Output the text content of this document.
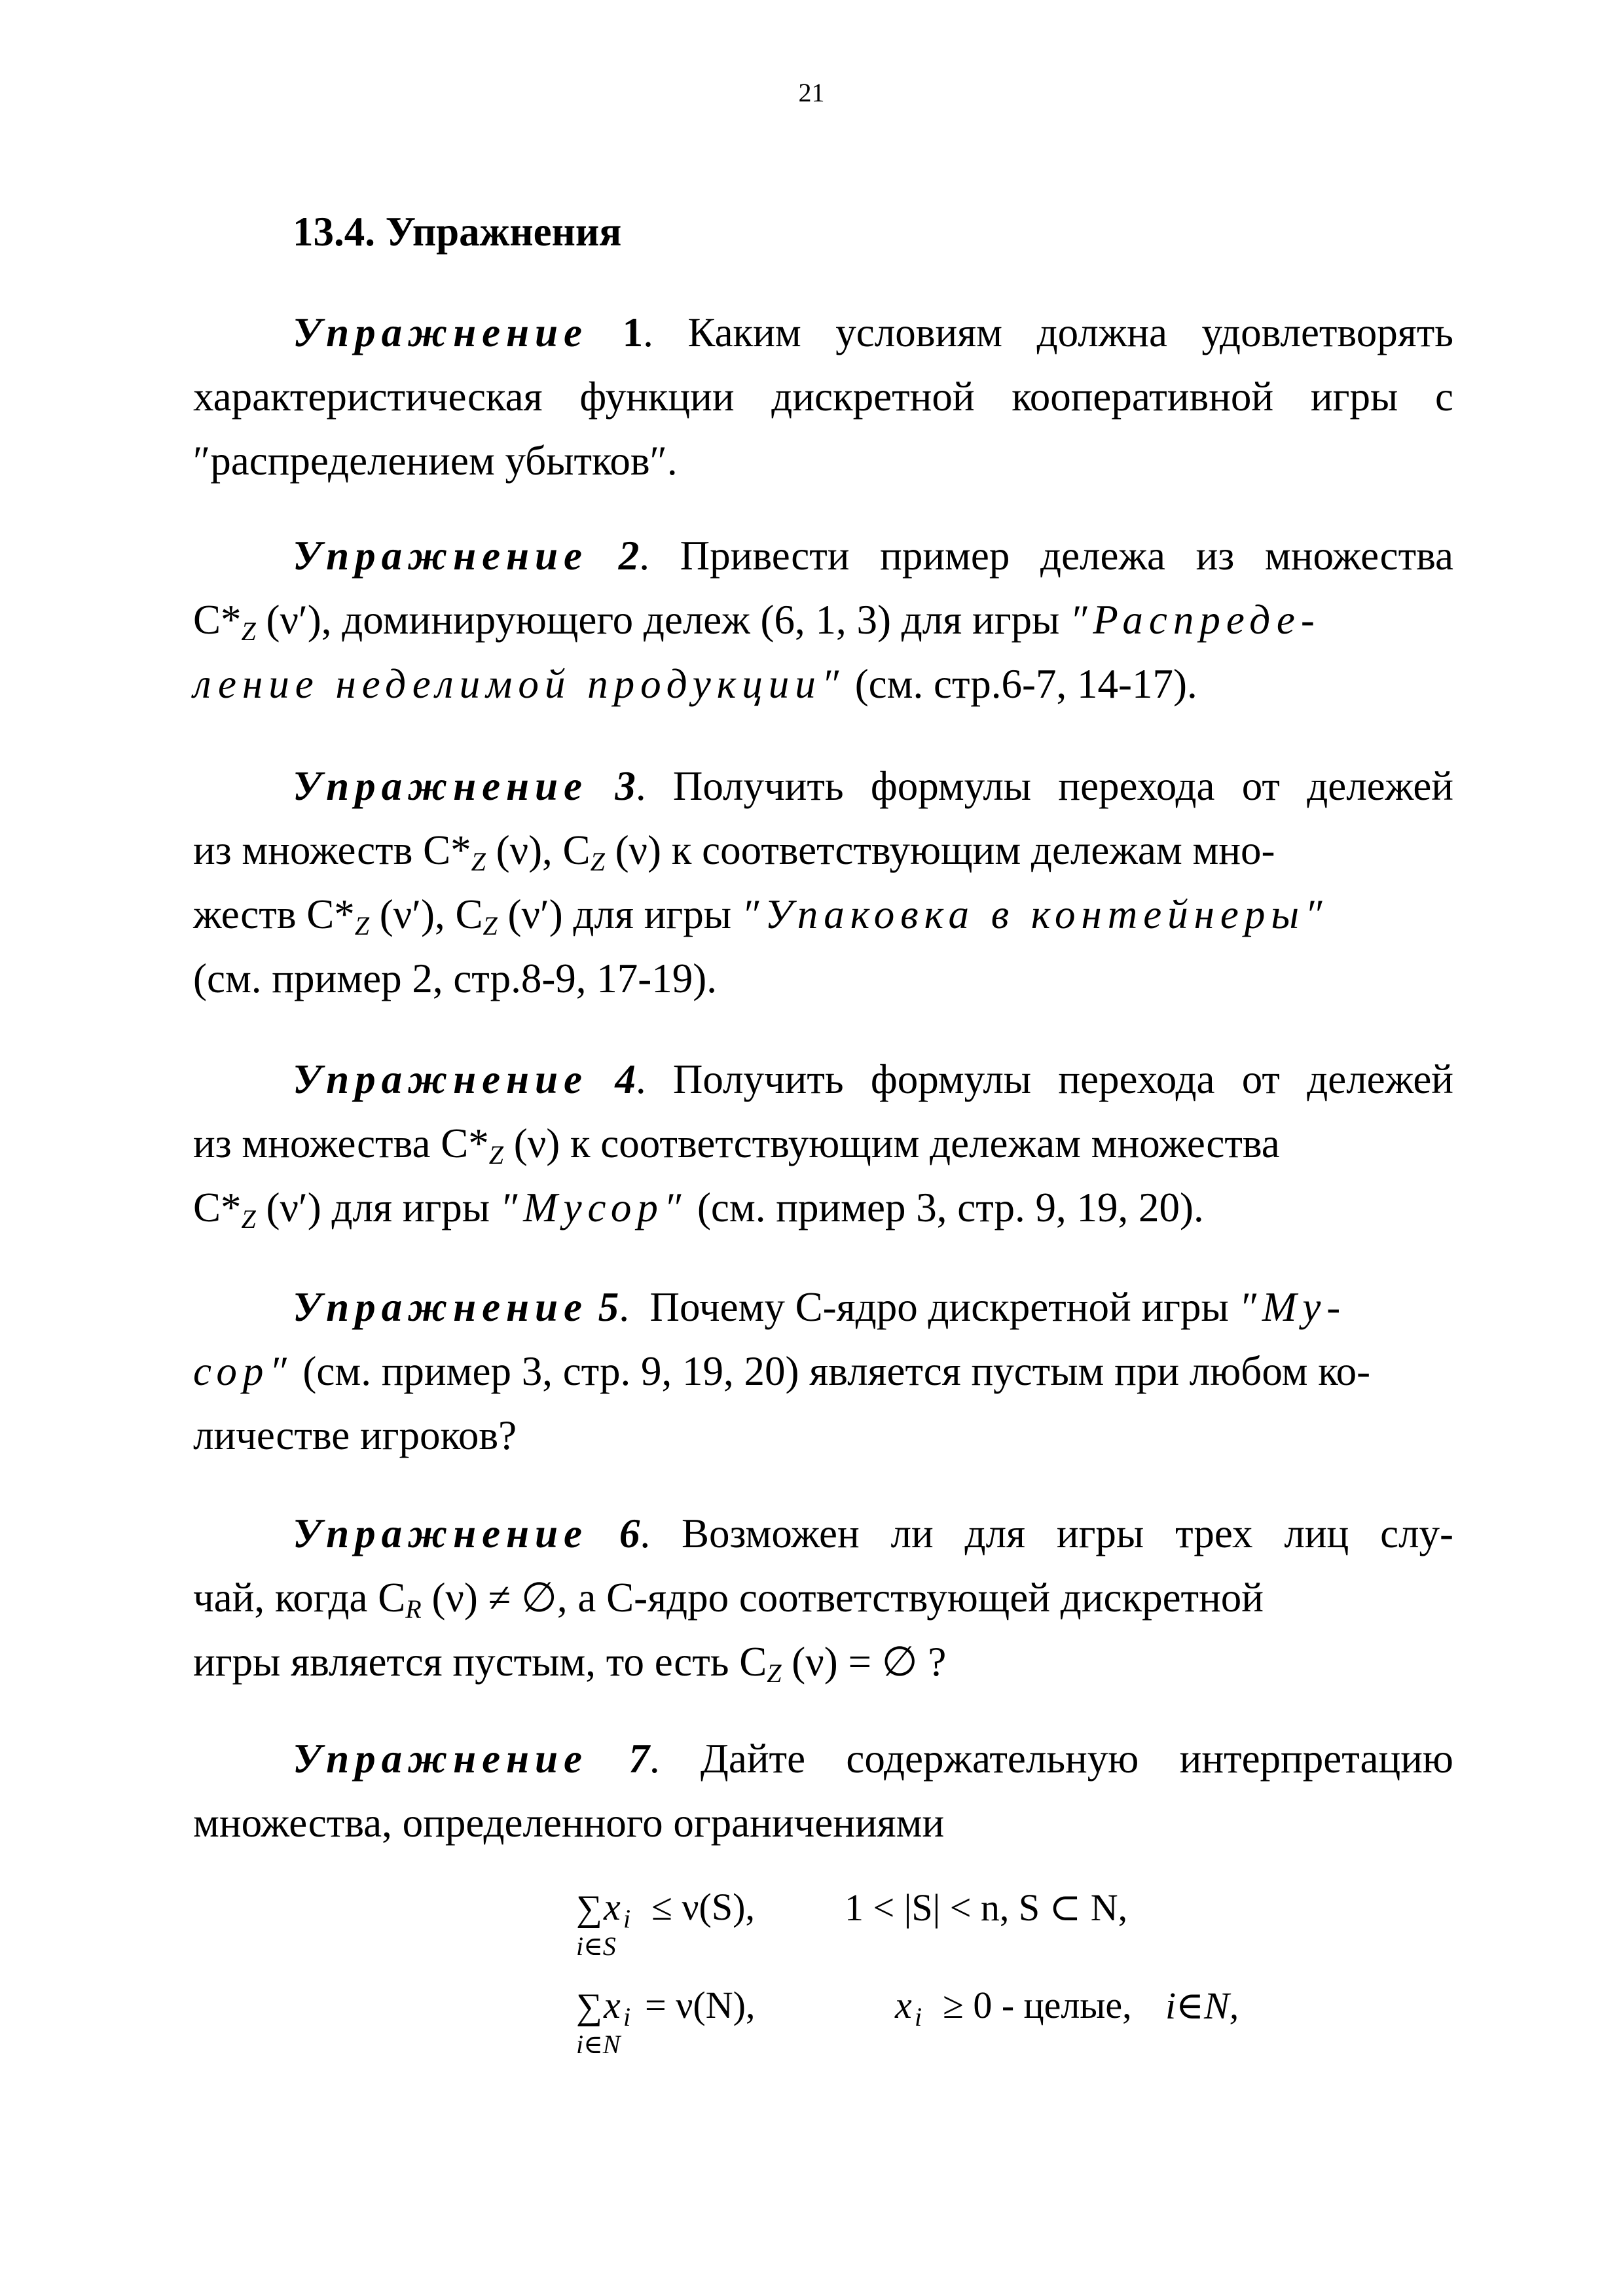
21
13.4. Упражнения
Упражнение 1. Каким условиям должна удовлетворять
характеристическая функции дискретной кооперативной игры с
″распределением убытков″.
Упражнение 2. Привести пример дележа из множества
$C*_Z$ (ν′), доминирующего дележ (6, 1, 3) для игры ″Распреде-
ление неделимой продукции″ (см. стр.6-7, 14-17).
Упражнение 3. Получить формулы перехода от дележей
из множеств $C*_Z$ (ν), $C_Z$ (ν) к соответствующим дележам мно-
жеств $C*_Z$ (ν′), $C_Z$ (ν′) для игры ″Упаковка в контейнеры″
(см. пример 2, стр.8-9, 17-19).
Упражнение 4. Получить формулы перехода от дележей
из множества $C*_Z$ (ν) к соответствующим дележам множества
$C*_Z$ (ν′) для игры ″Мусор″ (см. пример 3, стр. 9, 19, 20).
Упражнение 5.  Почему C-ядро дискретной игры ″Му-
сор″ (см. пример 3, стр. 9, 19, 20) является пустым при любом ко-
личестве игроков?
Упражнение 6. Возможен ли для игры трех лиц слу-
чай, когда $C_R$ (ν) ≠ ∅, а C-ядро соответствующей дискретной
игры является пустым, то есть $C_Z$ (ν) = ∅ ?
Упражнение 7. Дайте содержательную интерпретацию
множества, определенного ограничениями
∑ x i ≤ ν(S), 1 < |S| < n, S ⊂ N,
i∈S
∑ x i = ν(N),	x i ≥ 0 - целые, i∈N,
i∈N
